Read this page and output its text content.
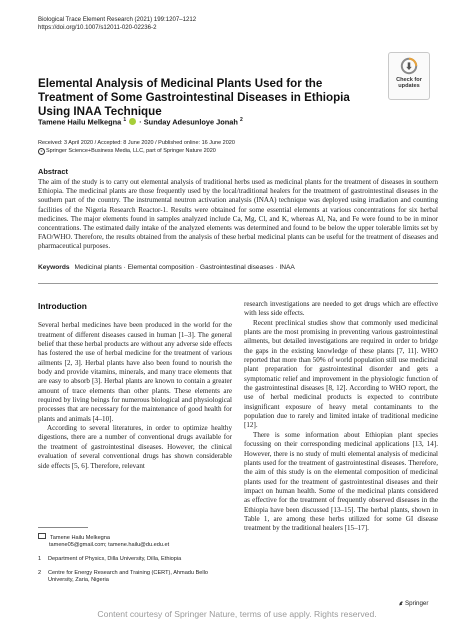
Biological Trace Element Research (2021) 199:1207–1212
https://doi.org/10.1007/s12011-020-02236-2
Check for
updates
Elemental Analysis of Medicinal Plants Used for the Treatment of Some Gastrointestinal Diseases in Ethiopia Using INAA Technique
Tamene Hailu Melkegna $^1$ · Sunday Adesunloye Jonah $^2$
Received: 3 April 2020 / Accepted: 8 June 2020 / Published online: 16 June 2020
c Springer Science+Business Media, LLC, part of Springer Nature 2020
Abstract
The aim of the study is to carry out elemental analysis of traditional herbs used as medicinal plants for the treatment of diseases in southern Ethiopia. The medicinal plants are those frequently used by the local/traditional healers for the treatment of gastrointestinal diseases in the southern part of the country. The instrumental neutron activation analysis (INAA) technique was deployed using irradiation and counting facilities of the Nigeria Research Reactor-1. Results were obtained for some essential elements at various concentrations for six herbal medicines. The major elements found in samples analyzed include Ca, Mg, Cl, and K, whereas Al, Na, and Fe were found to be in minor concentrations. The estimated daily intake of the analyzed elements was determined and found to be below the upper tolerable limits set by FAO/WHO. Therefore, the results obtained from the analysis of these herbal medicinal plants can be useful for the treatment of diseases and pharmaceutical purposes.
Keywords Medicinal plants · Elemental composition · Gastrointestinal diseases · INAA
Introduction

Several herbal medicines have been produced in the world for the treatment of different diseases caused in human [1–3]. The general belief that these herbal products are without any adverse side effects has fostered the use of herbal medicine for the treatment of various ailments [2, 3]. Herbal plants have also been found to nourish the body and provide vitamins, minerals, and many trace elements that are easy to absorb [3]. Herbal plants are known to contain a greater amount of trace elements than other plants. These elements are required by living beings for numerous biological and physiological processes that are necessary for the maintenance of good health for plants and animals [4–10].

According to several literatures, in order to optimize healthy digestions, there are a number of conventional drugs available for the treatment of gastrointestinal diseases. However, the clinical evaluation of several conventional drugs has shown considerable side effects [5, 6]. Therefore, relevant

research investigations are needed to get drugs which are effective with less side effects.

Recent preclinical studies show that commonly used medicinal plants are the most promising in preventing various gastrointestinal ailments, but detailed investigations are required in order to bridge the gaps in the existing knowledge of these plants [7, 11]. WHO reported that more than 50% of world population still use medicinal plant preparation for gastrointestinal disorder and gets a symptomatic relief and improvement in the physiologic function of the gastrointestinal diseases [8, 12]. According to WHO report, the use of herbal medicinal products is expected to contribute insignificant exposure of heavy metal contaminants to the population due to rarely and limited intake of traditional medicine [12].

There is some information about Ethiopian plant species focussing on their corresponding medicinal applications [13, 14]. However, there is no study of multi elemental analysis of medicinal plants used for the treatment of gastrointestinal diseases. Therefore, the aim of this study is on the elemental composition of medicinal plants used for the treatment of gastrointestinal diseases and their impact on human health. Some of the medicinal plants considered as effective for the treatment of frequently observed diseases in the Ethiopia have been discussed [13–15]. The herbal plants, shown in Table 1, are among these herbs utilized for some GI disease treatment by the traditional healers [15–17].

Tamene Hailu Melkegna
tamene05@gmail.com; tamene.hailu@du.edu.et
1 Department of Physics, Dilla University, Dilla, Ethiopia
2 Centre for Energy Research and Training (CERT), Ahmadu Bello
University, Zaria, Nigeria
Springer
Content courtesy of Springer Nature, terms of use apply. Rights reserved.
